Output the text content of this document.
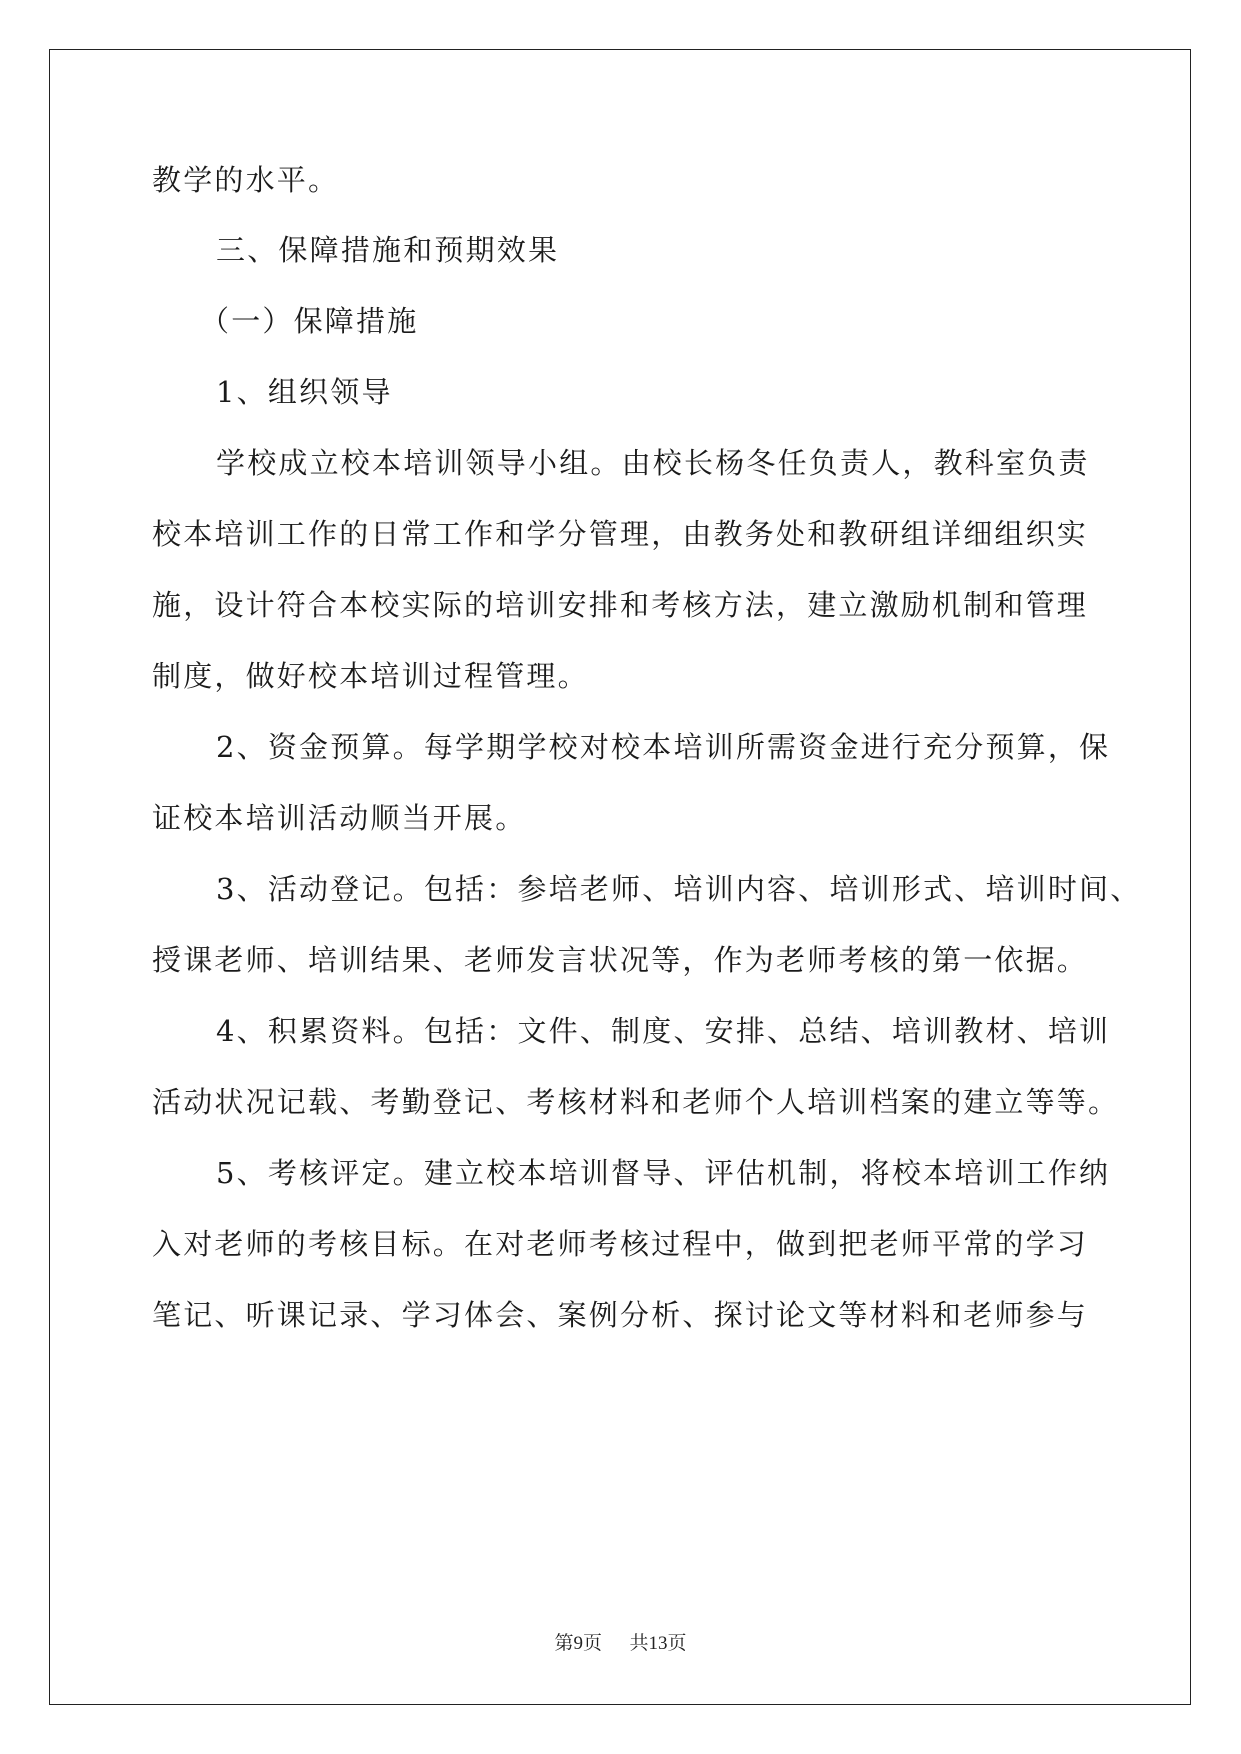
教学的水平。
三、保障措施和预期效果
（一）保障措施
1、组织领导
学校成立校本培训领导小组。由校长杨冬任负责人，教科室负责
校本培训工作的日常工作和学分管理，由教务处和教研组详细组织实
施，设计符合本校实际的培训安排和考核方法，建立激励机制和管理
制度，做好校本培训过程管理。
2、资金预算。每学期学校对校本培训所需资金进行充分预算，保
证校本培训活动顺当开展。
3、活动登记。包括：参培老师、培训内容、培训形式、培训时间、
授课老师、培训结果、老师发言状况等，作为老师考核的第一依据。
4、积累资料。包括：文件、制度、安排、总结、培训教材、培训
活动状况记载、考勤登记、考核材料和老师个人培训档案的建立等等。
5、考核评定。建立校本培训督导、评估机制，将校本培训工作纳
入对老师的考核目标。在对老师考核过程中，做到把老师平常的学习
笔记、听课记录、学习体会、案例分析、探讨论文等材料和老师参与
第9页 共13页
